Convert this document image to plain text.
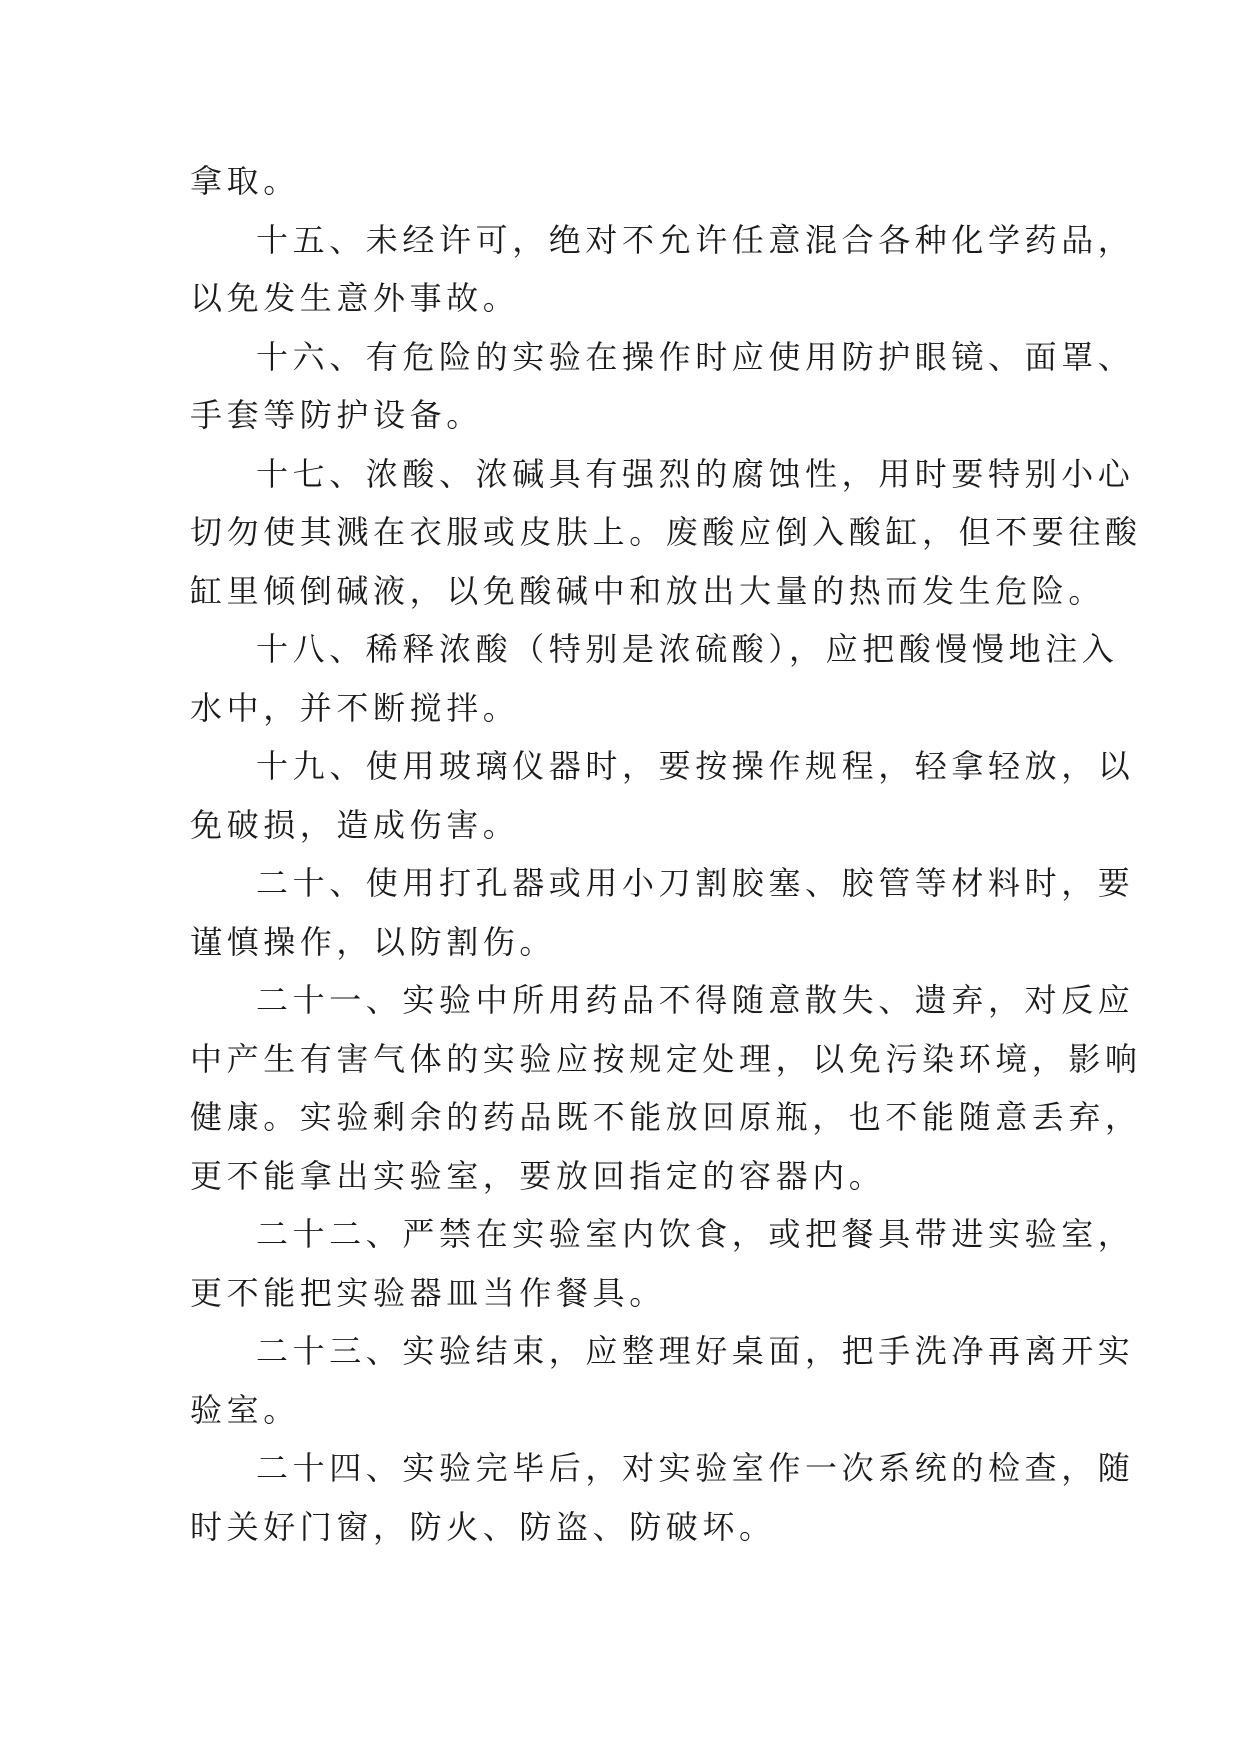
拿取。
十五、未经许可，绝对不允许任意混合各种化学药品，
以免发生意外事故。
十六、有危险的实验在操作时应使用防护眼镜、面罩、
手套等防护设备。
十七、浓酸、浓碱具有强烈的腐蚀性，用时要特别小心
切勿使其溅在衣服或皮肤上。废酸应倒入酸缸，但不要往酸
缸里倾倒碱液，以免酸碱中和放出大量的热而发生危险。
十八、稀释浓酸（特别是浓硫酸），应把酸慢慢地注入
水中，并不断搅拌。
十九、使用玻璃仪器时，要按操作规程，轻拿轻放，以
免破损，造成伤害。
二十、使用打孔器或用小刀割胶塞、胶管等材料时，要
谨慎操作，以防割伤。
二十一、实验中所用药品不得随意散失、遗弃，对反应
中产生有害气体的实验应按规定处理，以免污染环境，影响
健康。实验剩余的药品既不能放回原瓶，也不能随意丢弃，
更不能拿出实验室，要放回指定的容器内。
二十二、严禁在实验室内饮食，或把餐具带进实验室，
更不能把实验器皿当作餐具。
二十三、实验结束，应整理好桌面，把手洗净再离开实
验室。
二十四、实验完毕后，对实验室作一次系统的检查，随
时关好门窗，防火、防盗、防破坏。
